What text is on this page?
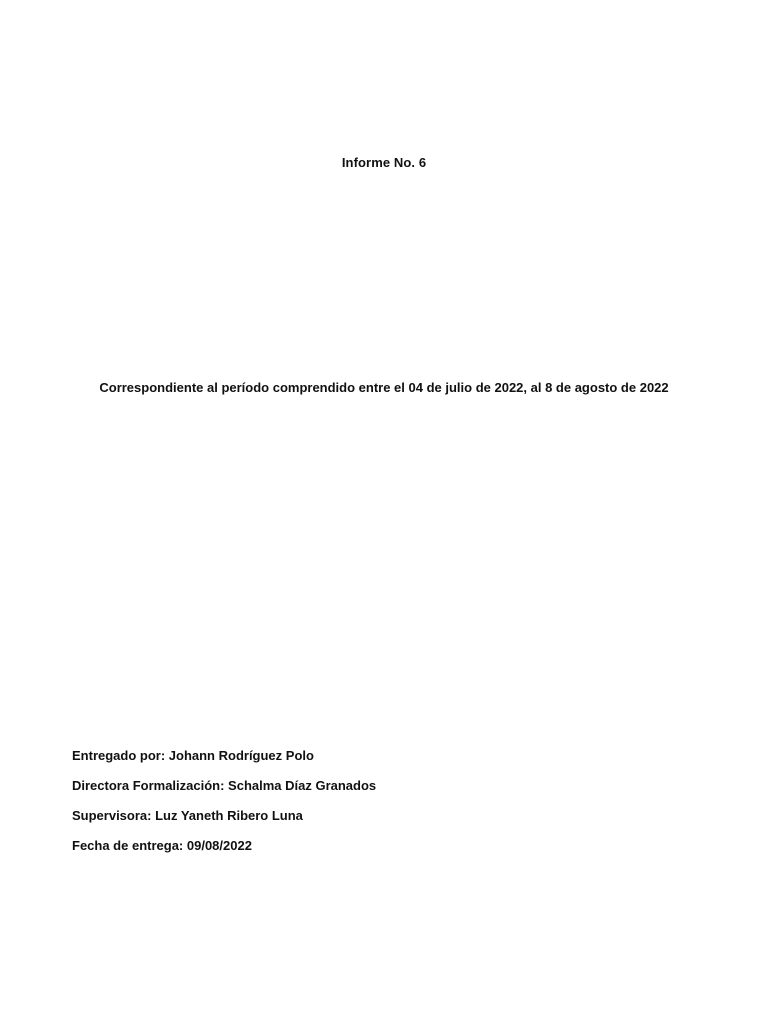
Informe No. 6
Correspondiente al período comprendido entre el 04 de julio de 2022, al 8 de agosto de 2022
Entregado por: Johann Rodríguez Polo
Directora Formalización: Schalma Díaz Granados
Supervisora: Luz Yaneth Ribero Luna
Fecha de entrega: 09/08/2022
